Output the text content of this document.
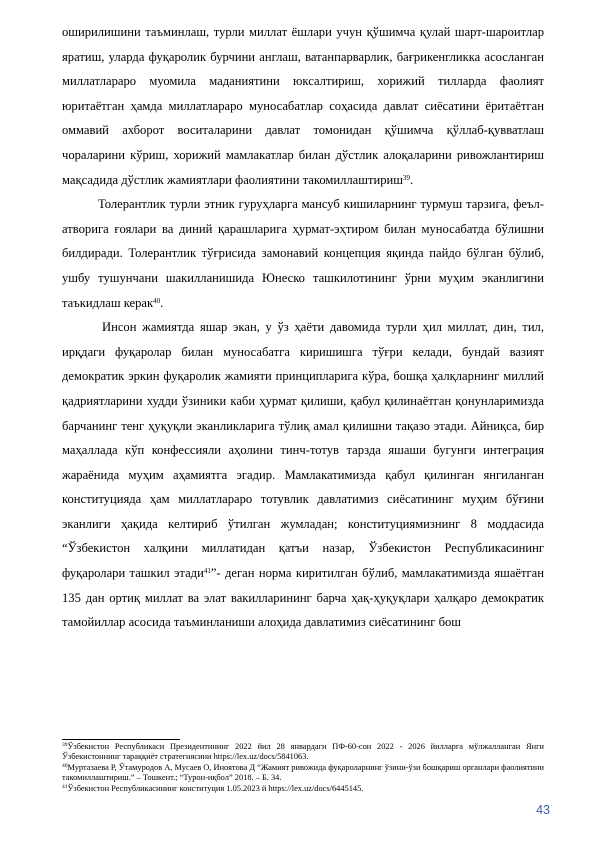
оширилишини таъминлаш, турли миллат ёшлари учун қўшимча қулай шарт-шароитлар яратиш, уларда фуқаролик бурчини англаш, ватанпарварлик, бағрикенгликка асосланган миллатлараро муомила маданиятини юксалтириш, хорижий тилларда фаолият юритаётган ҳамда миллатлараро муносабатлар соҳасида давлат сиёсатини ёритаётган оммавий ахборот воситаларини давлат томонидан қўшимча қўллаб-қувватлаш чораларини кўриш, хорижий мамлакатлар билан дўстлик алоқаларини ривожлантириш мақсадида дўстлик жамиятлари фаолиятини такомиллаштириш$^{39}$.

Толерантлик турли этник гуруҳларга мансуб кишиларнинг турмуш тарзига, феъл-атворига ғоялари ва диний қарашларига ҳурмат-эҳтиром билан муносабатда бўлишни билдиради. Толерантлик тўғрисида замонавий концепция яқинда пайдо бўлган бўлиб, ушбу тушунчани шакилланишида Юнеско ташкилотининг ўрни муҳим эканлигини таъкидлаш керак$^{40}$.

Инсон жамиятда яшар экан, у ўз ҳаёти давомида турли ҳил миллат, дин, тил, ирқдаги фуқаролар билан муносабатга киришишга тўғри келади, бундай вазият демократик эркин фуқаролик жамияти принципларига кўра, бошқа ҳалқларнинг миллий қадриятларини худди ўзиники каби ҳурмат қилиши, қабул қилинаётган қонунларимизда барчанинг тенг ҳуқуқли эканликларига тўлиқ амал қилишни тақазо этади. Айниқса, бир маҳаллада кўп конфессияли аҳолини тинч-тотув тарзда яшаши бугунги интеграция жараёнида муҳим аҳамиятга эгадир. Мамлакатимизда қабул қилинган янгиланган конституцияда ҳам миллатлараро тотувлик давлатимиз сиёсатининг муҳим бўғини эканлиги ҳақида келтириб ўтилган жумладан; конституциямизнинг 8 моддасида “Ўзбекистон халқини миллатидан қатъи назар, Ўзбекистон Республикасининг фуқаролари ташкил этади$^{41}$”- деган норма киритилган бўлиб, мамлакатимизда яшаётган 135 дан ортиқ миллат ва элат вакилларининг барча ҳақ-ҳуқуқлари ҳалқаро демократик тамойиллар асосида таъминланиши алоҳида давлатимиз сиёсатининг бош

$^{39}$Ўзбекистон Республикаси Президентининг 2022 йил 28 январдаги ПФ-60-сон 2022 - 2026 йилларга мўлжалланган Янги Ўзбекистоннинг тараққиёт стратегиясини https://lex.uz/docs/5841063.

$^{40}$Муртазаева Р, Ўтамуродов А, Мусаев О, Иноятова Д “Жамият ривожида фуқароларнинг ўзини-ўзи бошқариш органлари фаолиятини такомиллаштириш.” – Тошкент.; “Турон-иқбол” 2018. – Б. 34.

$^{41}$Ўзбекистон Республикасининг конституция 1.05.2023 й https://lex.uz/docs/6445145.

43
